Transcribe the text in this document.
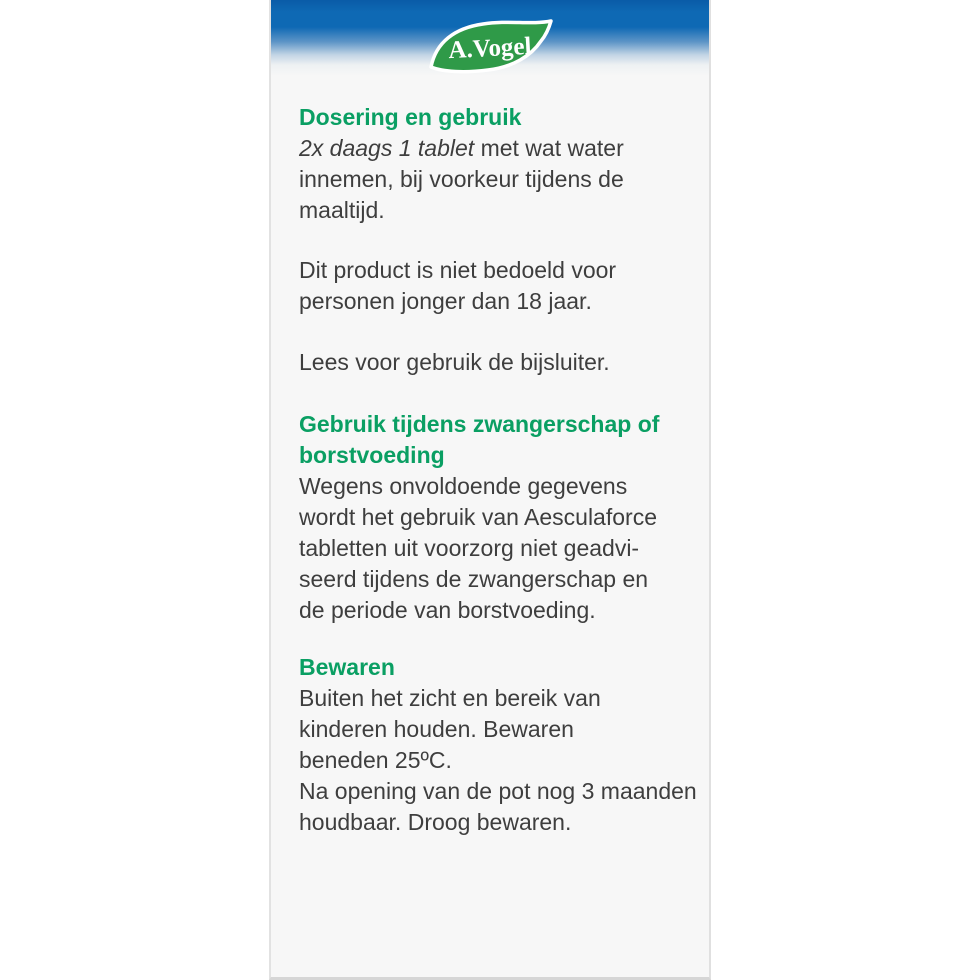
A.Vogel
Dosering en gebruik
2x daags 1 tablet met wat water
innemen, bij voorkeur tijdens de
maaltijd.
Dit product is niet bedoeld voor
personen jonger dan 18 jaar.
Lees voor gebruik de bijsluiter.
Gebruik tijdens zwangerschap of
borstvoeding
Wegens onvoldoende gegevens
wordt het gebruik van Aesculaforce
tabletten uit voorzorg niet geadvi-
seerd tijdens de zwangerschap en
de periode van borstvoeding.
Bewaren
Buiten het zicht en bereik van
kinderen houden. Bewaren
beneden 25ºC.
Na opening van de pot nog 3 maanden
houdbaar. Droog bewaren.
